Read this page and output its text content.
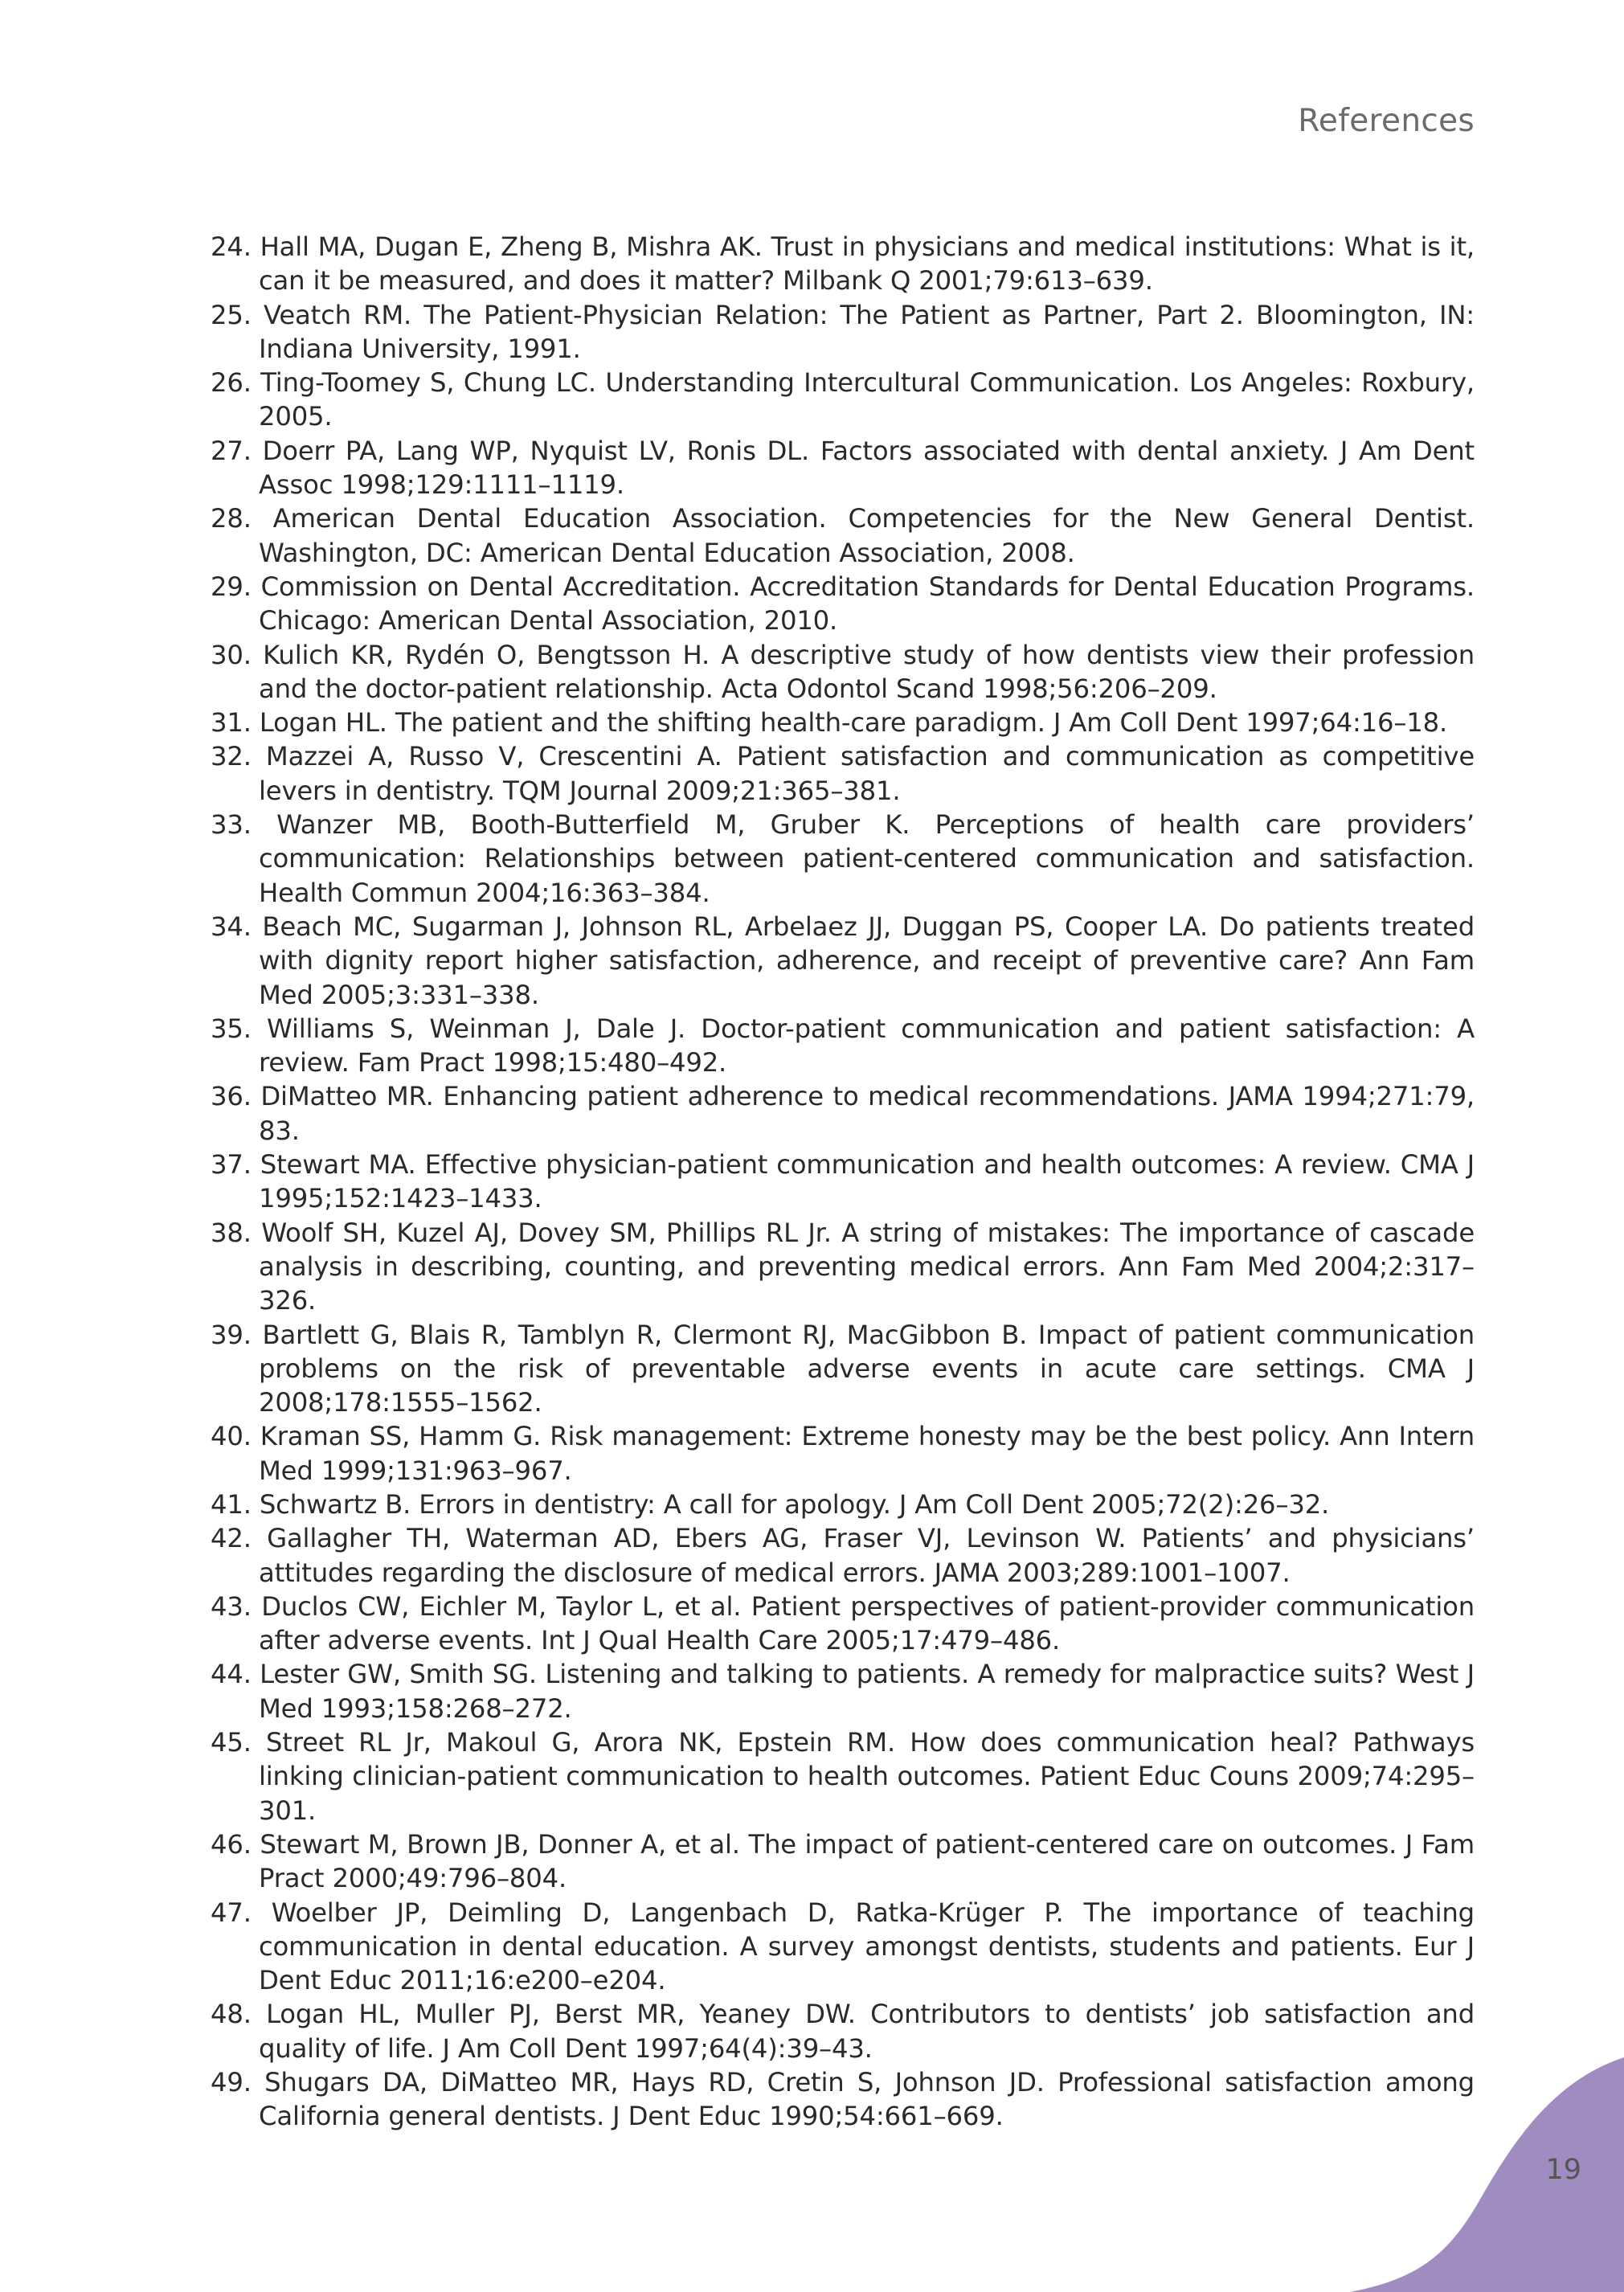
References
24. Hall MA, Dugan E, Zheng B, Mishra AK. Trust in physicians and medical institutions: What is it, can it be measured, and does it matter? Milbank Q 2001;79:613–639.
25. Veatch RM. The Patient-Physician Relation: The Patient as Partner, Part 2. Bloomington, IN: Indiana University, 1991.
26. Ting-Toomey S, Chung LC. Understanding Intercultural Communication. Los Angeles: Roxbury, 2005.
27. Doerr PA, Lang WP, Nyquist LV, Ronis DL. Factors associated with dental anxiety. J Am Dent Assoc 1998;129:1111–1119.
28. American Dental Education Association. Competencies for the New General Dentist. Washington, DC: American Dental Education Association, 2008.
29. Commission on Dental Accreditation. Accreditation Standards for Dental Education Programs. Chicago: American Dental Association, 2010.
30. Kulich KR, Rydén O, Bengtsson H. A descriptive study of how dentists view their profession and the doctor-patient relationship. Acta Odontol Scand 1998;56:206–209.
31. Logan HL. The patient and the shifting health-care paradigm. J Am Coll Dent 1997;64:16–18.
32. Mazzei A, Russo V, Crescentini A. Patient satisfaction and communication as competitive levers in dentistry. TQM Journal 2009;21:365–381.
33. Wanzer MB, Booth-Butterfield M, Gruber K. Perceptions of health care providers’ communication: Relationships between patient-centered communication and satisfaction. Health Commun 2004;16:363–384.
34. Beach MC, Sugarman J, Johnson RL, Arbelaez JJ, Duggan PS, Cooper LA. Do patients treated with dignity report higher satisfaction, adherence, and receipt of preventive care? Ann Fam Med 2005;3:331–338.
35. Williams S, Weinman J, Dale J. Doctor-patient communication and patient satisfaction: A review. Fam Pract 1998;15:480–492.
36. DiMatteo MR. Enhancing patient adherence to medical recommendations. JAMA 1994;271:79, 83.
37. Stewart MA. Effective physician-patient communication and health outcomes: A review. CMA J 1995;152:1423–1433.
38. Woolf SH, Kuzel AJ, Dovey SM, Phillips RL Jr. A string of mistakes: The importance of cascade analysis in describing, counting, and preventing medical errors. Ann Fam Med 2004;2:317–326.
39. Bartlett G, Blais R, Tamblyn R, Clermont RJ, MacGibbon B. Impact of patient communication problems on the risk of preventable adverse events in acute care settings. CMA J 2008;178:1555–1562.
40. Kraman SS, Hamm G. Risk management: Extreme honesty may be the best policy. Ann Intern Med 1999;131:963–967.
41. Schwartz B. Errors in dentistry: A call for apology. J Am Coll Dent 2005;72(2):26–32.
42. Gallagher TH, Waterman AD, Ebers AG, Fraser VJ, Levinson W. Patients’ and physicians’ attitudes regarding the disclosure of medical errors. JAMA 2003;289:1001–1007.
43. Duclos CW, Eichler M, Taylor L, et al. Patient perspectives of patient-provider communication after adverse events. Int J Qual Health Care 2005;17:479–486.
44. Lester GW, Smith SG. Listening and talking to patients. A remedy for malpractice suits? West J Med 1993;158:268–272.
45. Street RL Jr, Makoul G, Arora NK, Epstein RM. How does communication heal? Pathways linking clinician-patient communication to health outcomes. Patient Educ Couns 2009;74:295–301.
46. Stewart M, Brown JB, Donner A, et al. The impact of patient-centered care on outcomes. J Fam Pract 2000;49:796–804.
47. Woelber JP, Deimling D, Langenbach D, Ratka-Krüger P. The importance of teaching communication in dental education. A survey amongst dentists, students and patients. Eur J Dent Educ 2011;16:e200–e204.
48. Logan HL, Muller PJ, Berst MR, Yeaney DW. Contributors to dentists’ job satisfaction and quality of life. J Am Coll Dent 1997;64(4):39–43.
49. Shugars DA, DiMatteo MR, Hays RD, Cretin S, Johnson JD. Professional satisfaction among California general dentists. J Dent Educ 1990;54:661–669.
19
